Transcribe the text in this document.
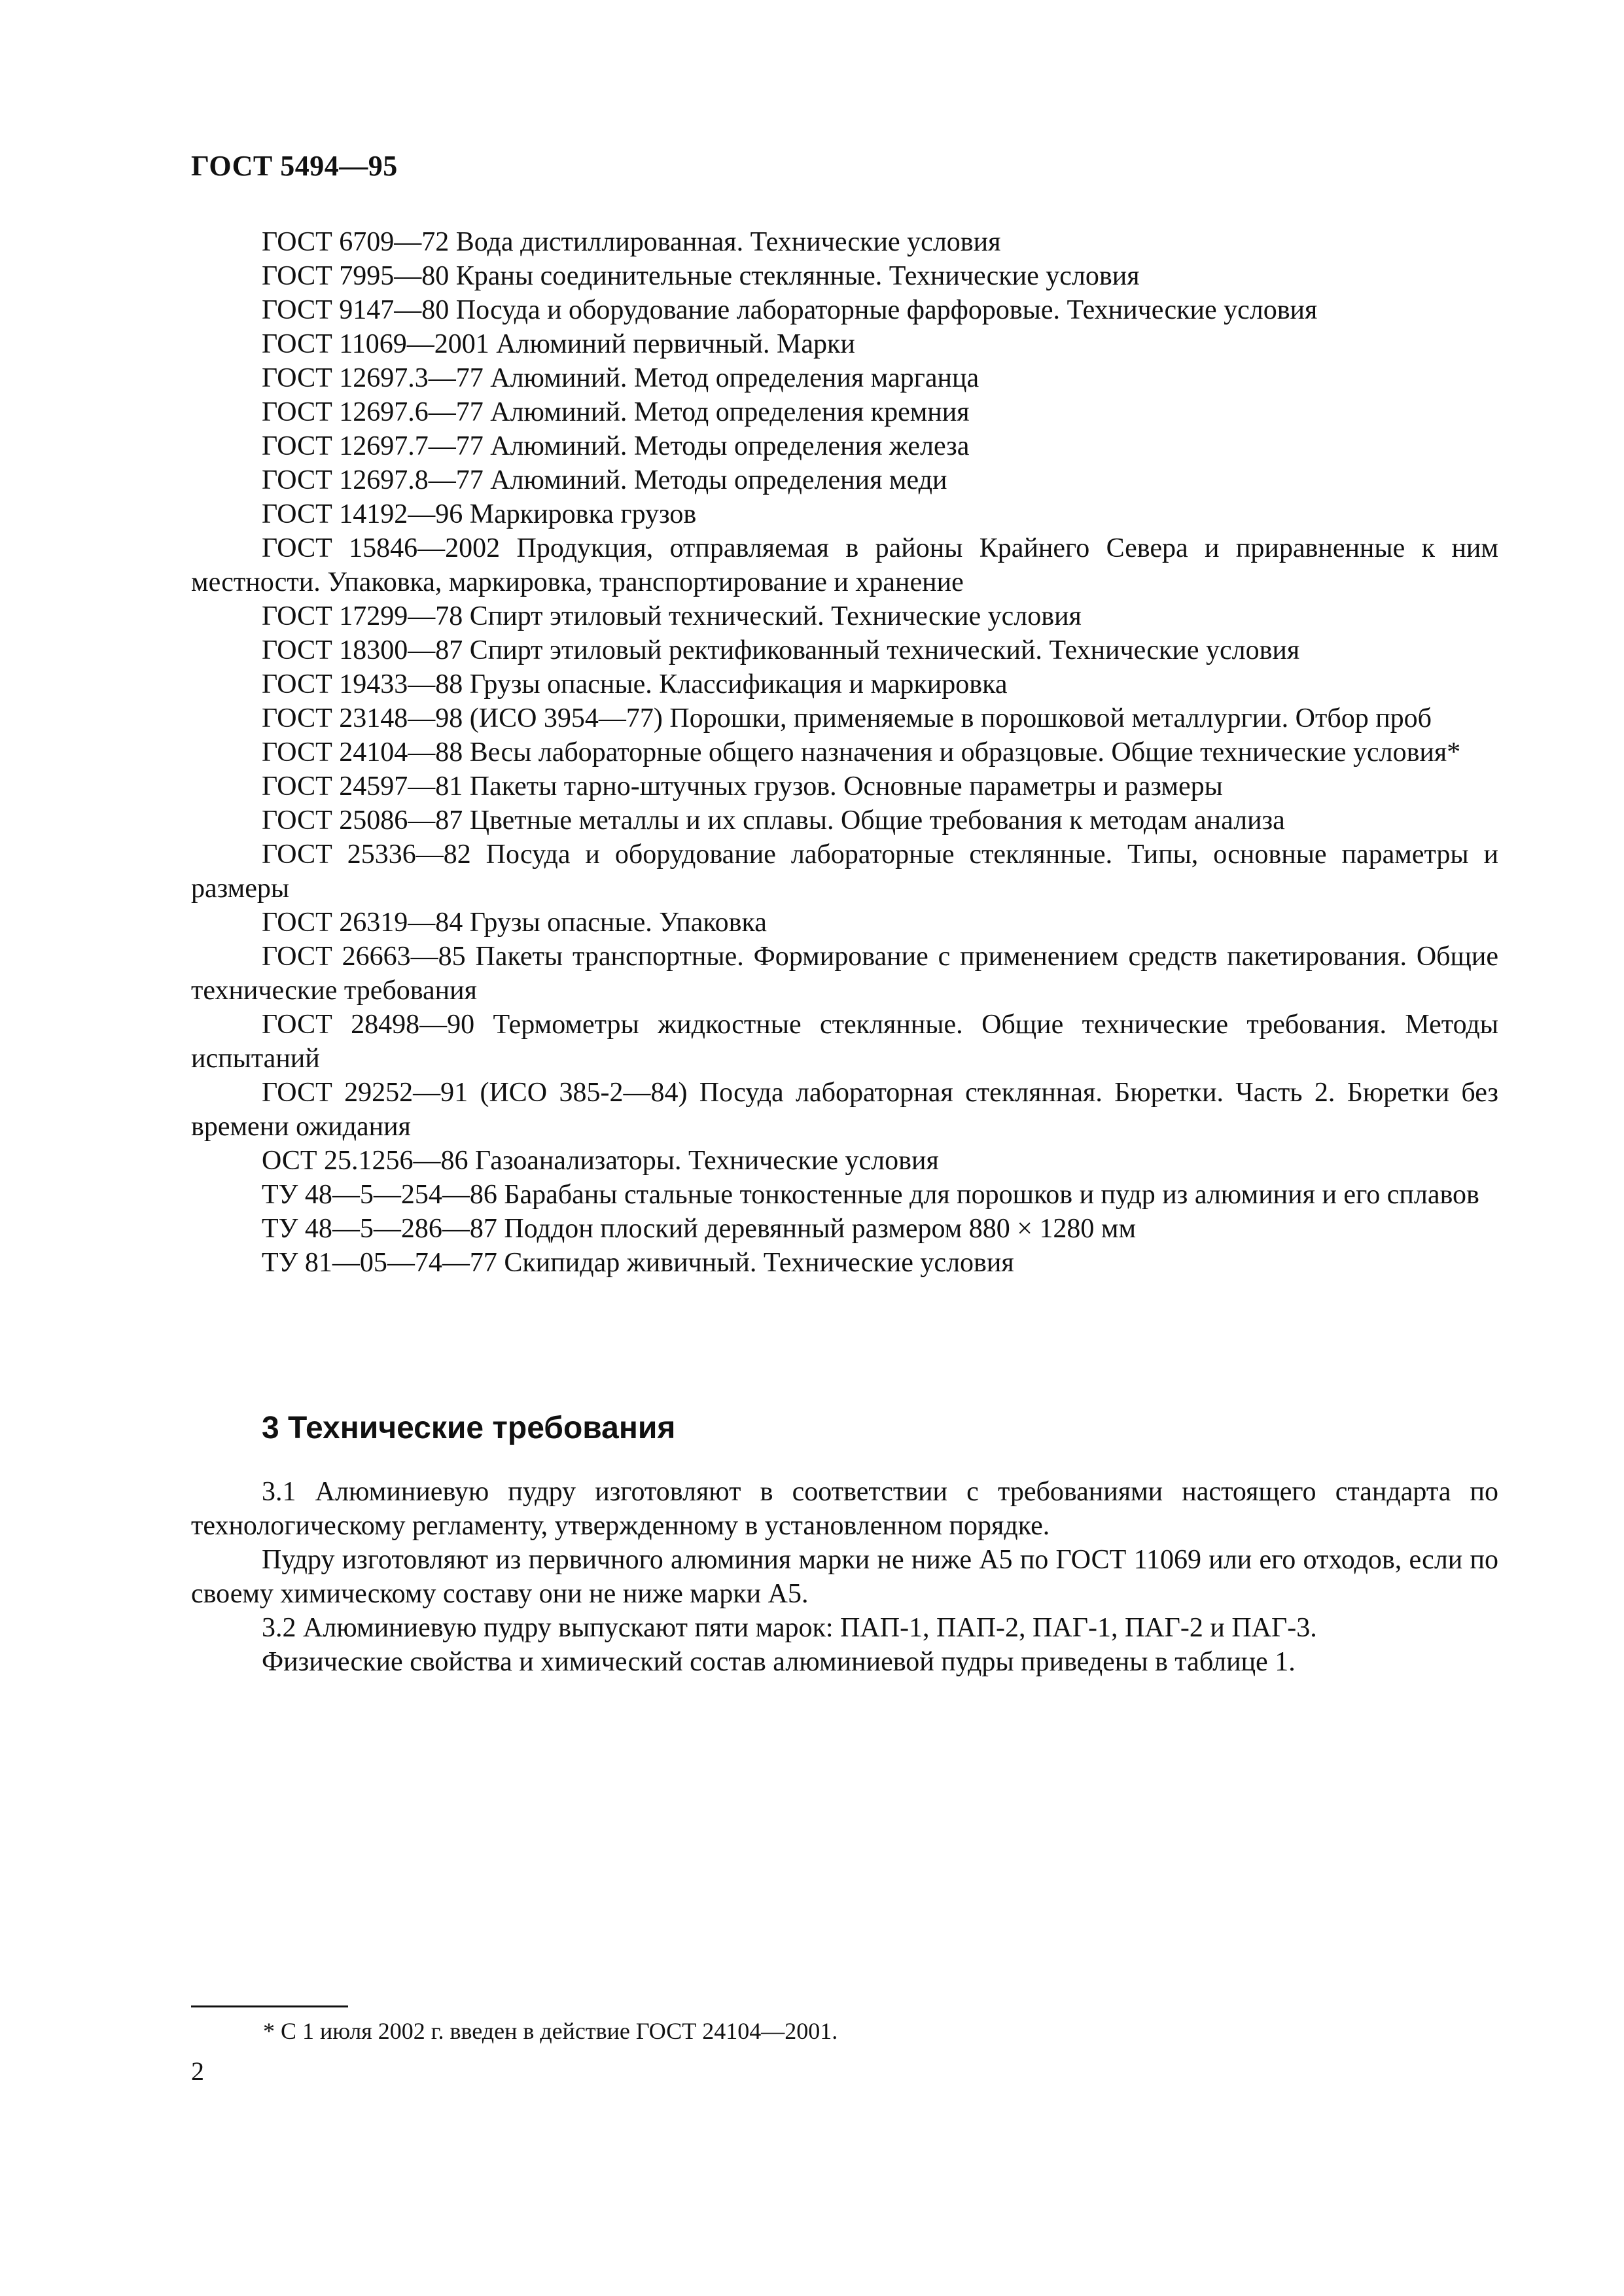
ГОСТ 5494—95

ГОСТ 6709—72 Вода дистиллированная. Технические условия

ГОСТ 7995—80 Краны соединительные стеклянные. Технические условия

ГОСТ 9147—80 Посуда и оборудование лабораторные фарфоровые. Технические условия

ГОСТ 11069—2001 Алюминий первичный. Марки

ГОСТ 12697.3—77 Алюминий. Метод определения марганца

ГОСТ 12697.6—77 Алюминий. Метод определения кремния

ГОСТ 12697.7—77 Алюминий. Методы определения железа

ГОСТ 12697.8—77 Алюминий. Методы определения меди

ГОСТ 14192—96 Маркировка грузов

ГОСТ 15846—2002 Продукция, отправляемая в районы Крайнего Севера и приравненные к ним местности. Упаковка, маркировка, транспортирование и хранение

ГОСТ 17299—78 Спирт этиловый технический. Технические условия

ГОСТ 18300—87 Спирт этиловый ректификованный технический. Технические условия

ГОСТ 19433—88 Грузы опасные. Классификация и маркировка

ГОСТ 23148—98 (ИСО 3954—77) Порошки, применяемые в порошковой металлургии. Отбор проб

ГОСТ 24104—88 Весы лабораторные общего назначения и образцовые. Общие технические условия*

ГОСТ 24597—81 Пакеты тарно-штучных грузов. Основные параметры и размеры

ГОСТ 25086—87 Цветные металлы и их сплавы. Общие требования к методам анализа

ГОСТ 25336—82 Посуда и оборудование лабораторные стеклянные. Типы, основные параметры и размеры

ГОСТ 26319—84 Грузы опасные. Упаковка

ГОСТ 26663—85 Пакеты транспортные. Формирование с применением средств пакетирования. Общие технические требования

ГОСТ 28498—90 Термометры жидкостные стеклянные. Общие технические требования. Методы испытаний

ГОСТ 29252—91 (ИСО 385-2—84) Посуда лабораторная стеклянная. Бюретки. Часть 2. Бюретки без времени ожидания

ОСТ 25.1256—86 Газоанализаторы. Технические условия

ТУ 48—5—254—86 Барабаны стальные тонкостенные для порошков и пудр из алюминия и его сплавов

ТУ 48—5—286—87 Поддон плоский деревянный размером 880 × 1280 мм

ТУ 81—05—74—77 Скипидар живичный. Технические условия

3 Технические требования

3.1 Алюминиевую пудру изготовляют в соответствии с требованиями настоящего стандарта по технологическому регламенту, утвержденному в установленном порядке.

Пудру изготовляют из первичного алюминия марки не ниже А5 по ГОСТ 11069 или его отходов, если по своему химическому составу они не ниже марки А5.

3.2 Алюминиевую пудру выпускают пяти марок: ПАП-1, ПАП-2, ПАГ-1, ПАГ-2 и ПАГ-3.

Физические свойства и химический состав алюминиевой пудры приведены в таблице 1.

* С 1 июля 2002 г. введен в действие ГОСТ 24104—2001.
2
